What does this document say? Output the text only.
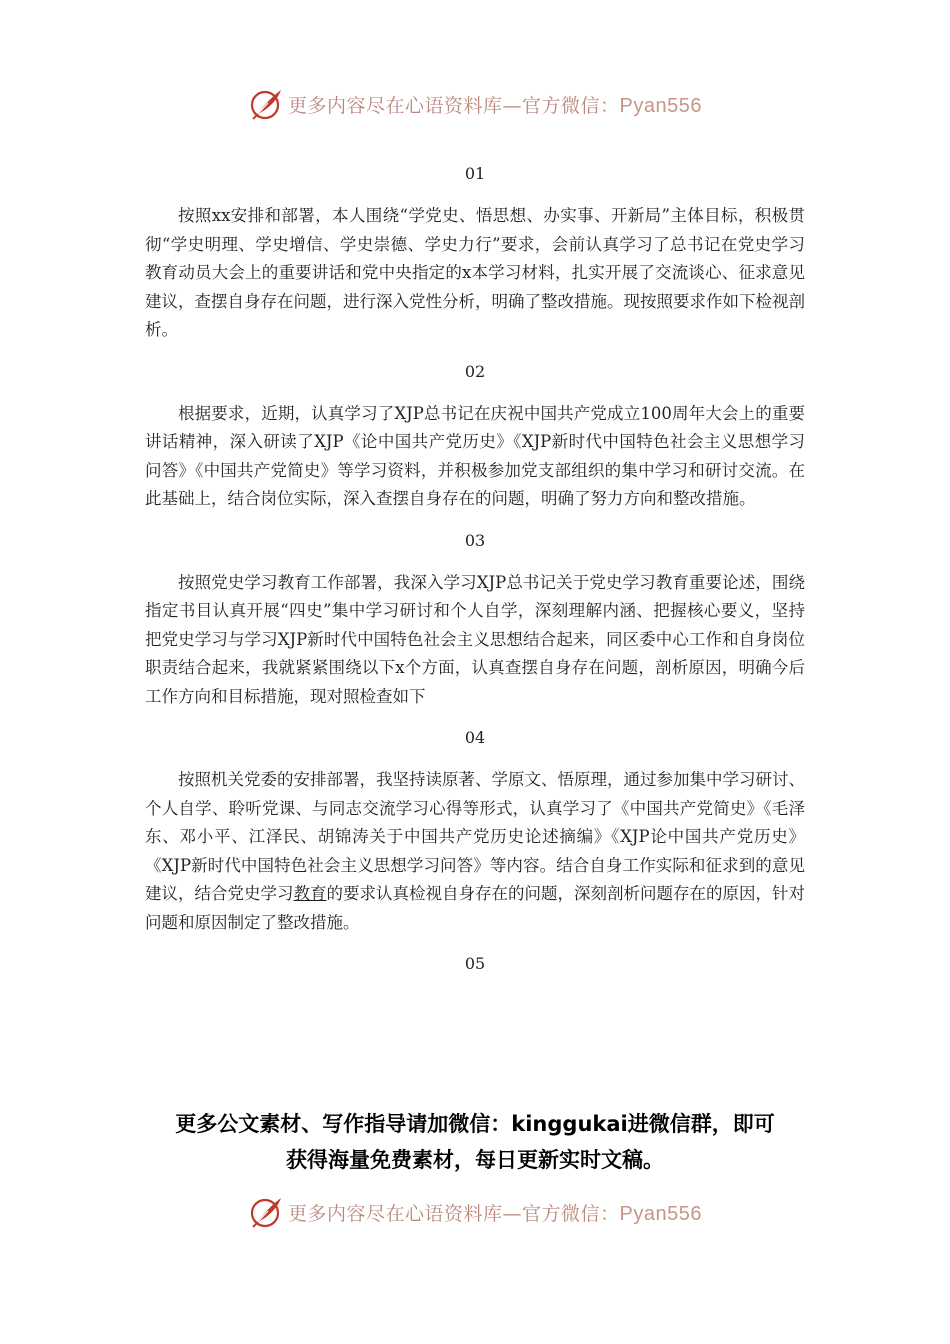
更多内容尽在心语资料库—官方微信：Pyan556
01

按照xx安排和部署，本人围绕“学党史、悟思想、办实事、开新局”主体目标，积极贯彻“学史明理、学史增信、学史崇德、学史力行”要求，会前认真学习了总书记在党史学习教育动员大会上的重要讲话和党中央指定的x本学习材料，扎实开展了交流谈心、征求意见建议，查摆自身存在问题，进行深入党性分析，明确了整改措施。现按照要求作如下检视剖析。

02

根据要求，近期，认真学习了XJP总书记在庆祝中国共产党成立100周年大会上的重要讲话精神，深入研读了XJP《论中国共产党历史》《XJP新时代中国特色社会主义思想学习问答》《中国共产党简史》等学习资料，并积极参加党支部组织的集中学习和研讨交流。在此基础上，结合岗位实际，深入查摆自身存在的问题，明确了努力方向和整改措施。

03

按照党史学习教育工作部署，我深入学习XJP总书记关于党史学习教育重要论述，围绕指定书目认真开展“四史”集中学习研讨和个人自学，深刻理解内涵、把握核心要义，坚持把党史学习与学习XJP新时代中国特色社会主义思想结合起来，同区委中心工作和自身岗位职责结合起来，我就紧紧围绕以下x个方面，认真查摆自身存在问题，剖析原因，明确今后工作方向和目标措施，现对照检查如下

04

按照机关党委的安排部署，我坚持读原著、学原文、悟原理，通过参加集中学习研讨、个人自学、聆听党课、与同志交流学习心得等形式，认真学习了《中国共产党简史》《毛泽东、邓小平、江泽民、胡锦涛关于中国共产党历史论述摘编》《XJP论中国共产党历史》《XJP新时代中国特色社会主义思想学习问答》等内容。结合自身工作实际和征求到的意见建议，结合党史学习教育的要求认真检视自身存在的问题，深刻剖析问题存在的原因，针对问题和原因制定了整改措施。

05
更多公文素材、写作指导请加微信：kinggukai进微信群，即可
获得海量免费素材，每日更新实时文稿。
更多内容尽在心语资料库—官方微信：Pyan556
